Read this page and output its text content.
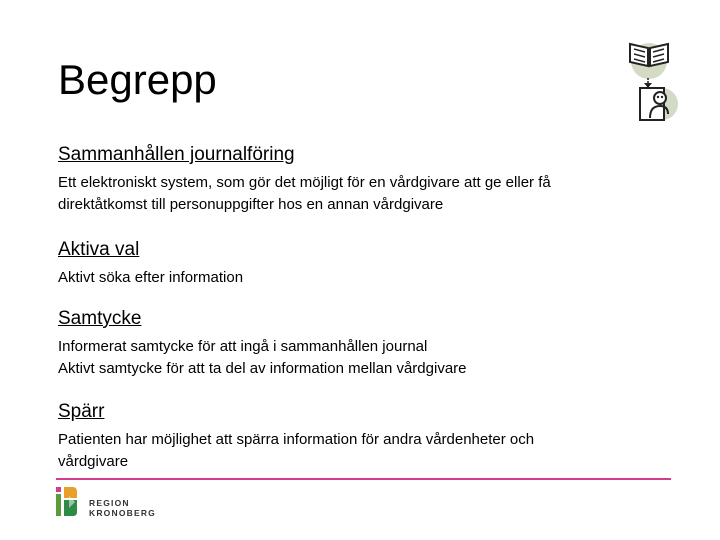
Begrepp

Sammanhållen journalföring

Ett elektroniskt system, som gör det möjligt för en vårdgivare att ge eller få

direktåtkomst till personuppgifter hos en annan vårdgivare

Aktiva val

Aktivt söka efter information

Samtycke

Informerat samtycke för att ingå i sammanhållen journal

Aktivt samtycke för att ta del av information mellan vårdgivare

Spärr

Patienten har möjlighet att spärra information för andra vårdenheter och

vårdgivare

REGION
KRONOBERG
